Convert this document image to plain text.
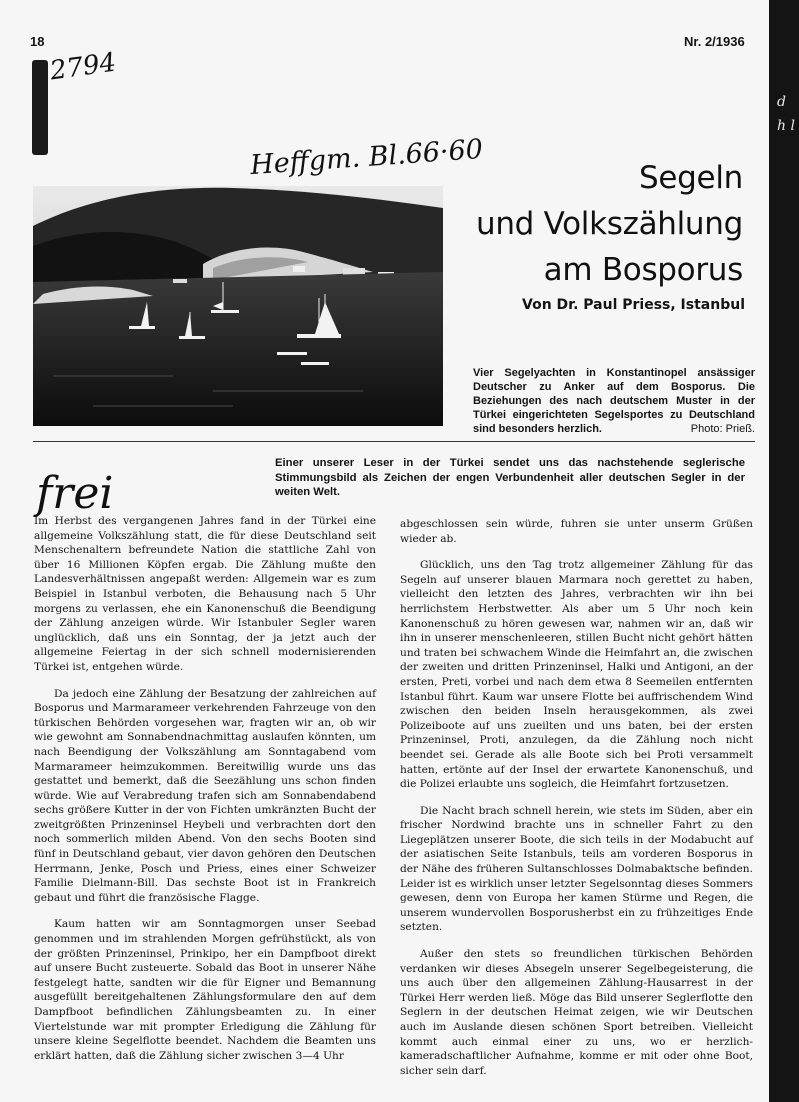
d h l
18	Nr. 2/1936
2794
Heffgm. Bl.66·60	Segeln
und Volkszählung
am Bosporus
Von Dr. Paul Priess, Istanbul
Vier Segelyachten in Konstantinopel ansässiger Deutscher zu Anker auf dem Bosporus. Die Beziehungen des nach deutschem Muster in der Türkei eingerichteten Segelsportes zu Deutschland sind besonders herzlich.	Photo: Prieß.
Einer unserer Leser in der Türkei sendet uns das nachstehende seglerische Stimmungsbild als Zeichen der engen Verbundenheit aller deutschen Segler in der weiten Welt.
frei

Im Herbst des vergangenen Jahres fand in der Türkei eine allgemeine Volkszählung statt, die für diese Deutschland seit Menschenaltern befreundete Nation die stattliche Zahl von über 16 Millionen Köpfen ergab. Die Zählung mußte den Landesverhältnissen angepaßt werden: Allgemein war es zum Beispiel in Istanbul verboten, die Behausung nach 5 Uhr morgens zu verlassen, ehe ein Kanonenschuß die Beendigung der Zählung anzeigen würde. Wir Istanbuler Segler waren unglücklich, daß uns ein Sonntag, der ja jetzt auch der allgemeine Feiertag in der sich schnell modernisierenden Türkei ist, entgehen würde.

Da jedoch eine Zählung der Besatzung der zahlreichen auf Bosporus und Marmarameer verkehrenden Fahrzeuge von den türkischen Behörden vorgesehen war, fragten wir an, ob wir wie gewohnt am Sonnabendnachmittag auslaufen könnten, um nach Beendigung der Volkszählung am Sonntagabend vom Marmarameer heimzukommen. Bereitwillig wurde uns das gestattet und bemerkt, daß die Seezählung uns schon finden würde. Wie auf Verabredung trafen sich am Sonnabendabend sechs größere Kutter in der von Fichten umkränzten Bucht der zweitgrößten Prinzeninsel Heybeli und verbrachten dort den noch sommerlich milden Abend. Von den sechs Booten sind fünf in Deutschland gebaut, vier davon gehören den Deutschen Herrmann, Jenke, Posch und Priess, eines einer Schweizer Familie Dielmann-Bill. Das sechste Boot ist in Frankreich gebaut und führt die französische Flagge.

Kaum hatten wir am Sonntagmorgen unser Seebad genommen und im strahlenden Morgen gefrühstückt, als von der größten Prinzeninsel, Prinkipo, her ein Dampfboot direkt auf unsere Bucht zusteuerte. Sobald das Boot in unserer Nähe festgelegt hatte, sandten wir die für Eigner und Bemannung ausgefüllt bereitgehaltenen Zählungsformulare den auf dem Dampfboot befindlichen Zählungsbeamten zu. In einer Viertelstunde war mit prompter Erledigung die Zählung für unsere kleine Segelflotte beendet. Nachdem die Beamten uns erklärt hatten, daß die Zählung sicher zwischen 3—4 Uhr

abgeschlossen sein würde, fuhren sie unter unserm Grüßen wieder ab.

Glücklich, uns den Tag trotz allgemeiner Zählung für das Segeln auf unserer blauen Marmara noch gerettet zu haben, vielleicht den letzten des Jahres, verbrachten wir ihn bei herrlichstem Herbstwetter. Als aber um 5 Uhr noch kein Kanonenschuß zu hören gewesen war, nahmen wir an, daß wir ihn in unserer menschenleeren, stillen Bucht nicht gehört hätten und traten bei schwachem Winde die Heimfahrt an, die zwischen der zweiten und dritten Prinzeninsel, Halki und Antigoni, an der ersten, Preti, vorbei und nach dem etwa 8 Seemeilen entfernten Istanbul führt. Kaum war unsere Flotte bei auffrischendem Wind zwischen den beiden Inseln herausgekommen, als zwei Polizeiboote auf uns zueilten und uns baten, bei der ersten Prinzeninsel, Proti, anzulegen, da die Zählung noch nicht beendet sei. Gerade als alle Boote sich bei Proti versammelt hatten, ertönte auf der Insel der erwartete Kanonenschuß, und die Polizei erlaubte uns sogleich, die Heimfahrt fortzusetzen.

Die Nacht brach schnell herein, wie stets im Süden, aber ein frischer Nordwind brachte uns in schneller Fahrt zu den Liegeplätzen unserer Boote, die sich teils in der Modabucht auf der asiatischen Seite Istanbuls, teils am vorderen Bosporus in der Nähe des früheren Sultanschlosses Dolmabaktsche befinden. Leider ist es wirklich unser letzter Segelsonntag dieses Sommers gewesen, denn von Europa her kamen Stürme und Regen, die unserem wundervollen Bosporusherbst ein zu frühzeitiges Ende setzten.

Außer den stets so freundlichen türkischen Behörden verdanken wir dieses Absegeln unserer Segelbegeisterung, die uns auch über den allgemeinen Zählung-Hausarrest in der Türkei Herr werden ließ. Möge das Bild unserer Seglerflotte den Seglern in der deutschen Heimat zeigen, wie wir Deutschen auch im Auslande diesen schönen Sport betreiben. Vielleicht kommt auch einmal einer zu uns, wo er herzlich-kameradschaftlicher Aufnahme, komme er mit oder ohne Boot, sicher sein darf.
